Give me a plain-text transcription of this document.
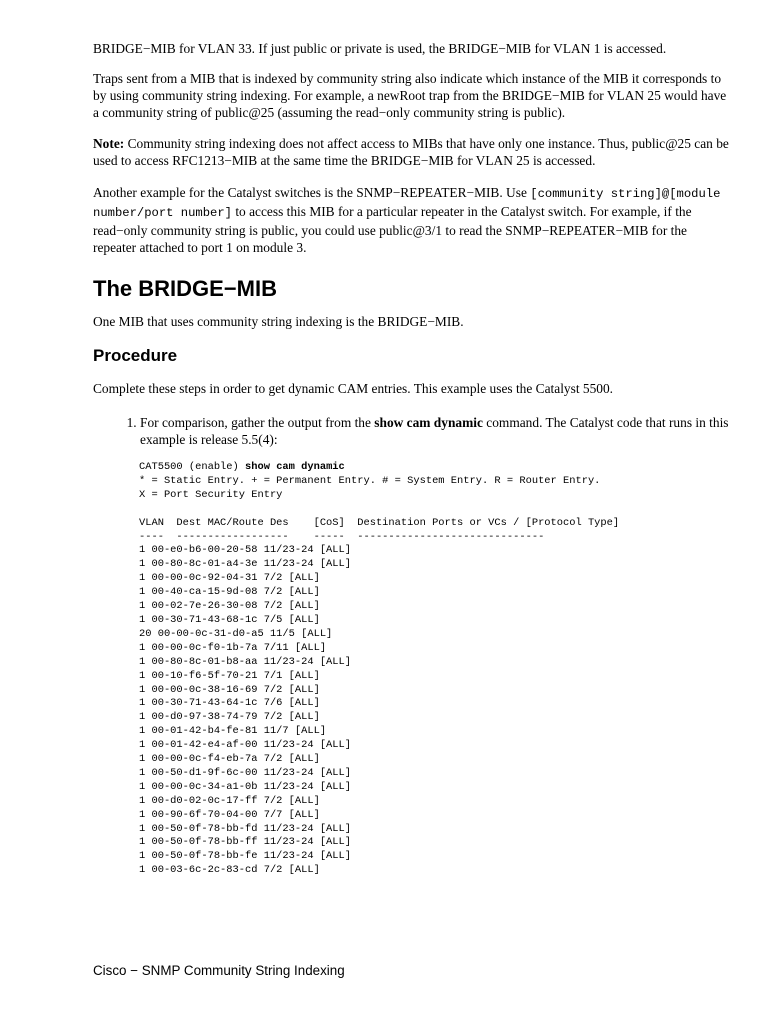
BRIDGE−MIB for VLAN 33. If just public or private is used, the BRIDGE−MIB for VLAN 1 is accessed.

Traps sent from a MIB that is indexed by community string also indicate which instance of the MIB it corresponds to by using community string indexing. For example, a newRoot trap from the BRIDGE−MIB for VLAN 25 would have a community string of public@25 (assuming the read−only community string is public).

Note: Community string indexing does not affect access to MIBs that have only one instance. Thus, public@25 can be used to access RFC1213−MIB at the same time the BRIDGE−MIB for VLAN 25 is accessed.

Another example for the Catalyst switches is the SNMP−REPEATER−MIB. Use [community string]@[module number/port number] to access this MIB for a particular repeater in the Catalyst switch. For example, if the read−only community string is public, you could use public@3/1 to read the SNMP−REPEATER−MIB for the repeater attached to port 1 on module 3.

The BRIDGE−MIB

One MIB that uses community string indexing is the BRIDGE−MIB.

Procedure

Complete these steps in order to get dynamic CAM entries. This example uses the Catalyst 5500.

1. For comparison, gather the output from the show cam dynamic command. The Catalyst code that runs in this example is release 5.5(4):
CAT5500 (enable) show cam dynamic
* = Static Entry. + = Permanent Entry. # = System Entry. R = Router Entry.
X = Port Security Entry

VLAN  Dest MAC/Route Des    [CoS]  Destination Ports or VCs / [Protocol Type]
----  ------------------    -----  ------------------------------
1 00-e0-b6-00-20-58 11/23-24 [ALL]
1 00-80-8c-01-a4-3e 11/23-24 [ALL]
1 00-00-0c-92-04-31 7/2 [ALL]
1 00-40-ca-15-9d-08 7/2 [ALL]
1 00-02-7e-26-30-08 7/2 [ALL]
1 00-30-71-43-68-1c 7/5 [ALL]
20 00-00-0c-31-d0-a5 11/5 [ALL]
1 00-00-0c-f0-1b-7a 7/11 [ALL]
1 00-80-8c-01-b8-aa 11/23-24 [ALL]
1 00-10-f6-5f-70-21 7/1 [ALL]
1 00-00-0c-38-16-69 7/2 [ALL]
1 00-30-71-43-64-1c 7/6 [ALL]
1 00-d0-97-38-74-79 7/2 [ALL]
1 00-01-42-b4-fe-81 11/7 [ALL]
1 00-01-42-e4-af-00 11/23-24 [ALL]
1 00-00-0c-f4-eb-7a 7/2 [ALL]
1 00-50-d1-9f-6c-00 11/23-24 [ALL]
1 00-00-0c-34-a1-0b 11/23-24 [ALL]
1 00-d0-02-0c-17-ff 7/2 [ALL]
1 00-90-6f-70-04-00 7/7 [ALL]
1 00-50-0f-78-bb-fd 11/23-24 [ALL]
1 00-50-0f-78-bb-ff 11/23-24 [ALL]
1 00-50-0f-78-bb-fe 11/23-24 [ALL]
1 00-03-6c-2c-83-cd 7/2 [ALL]
Cisco − SNMP Community String Indexing
